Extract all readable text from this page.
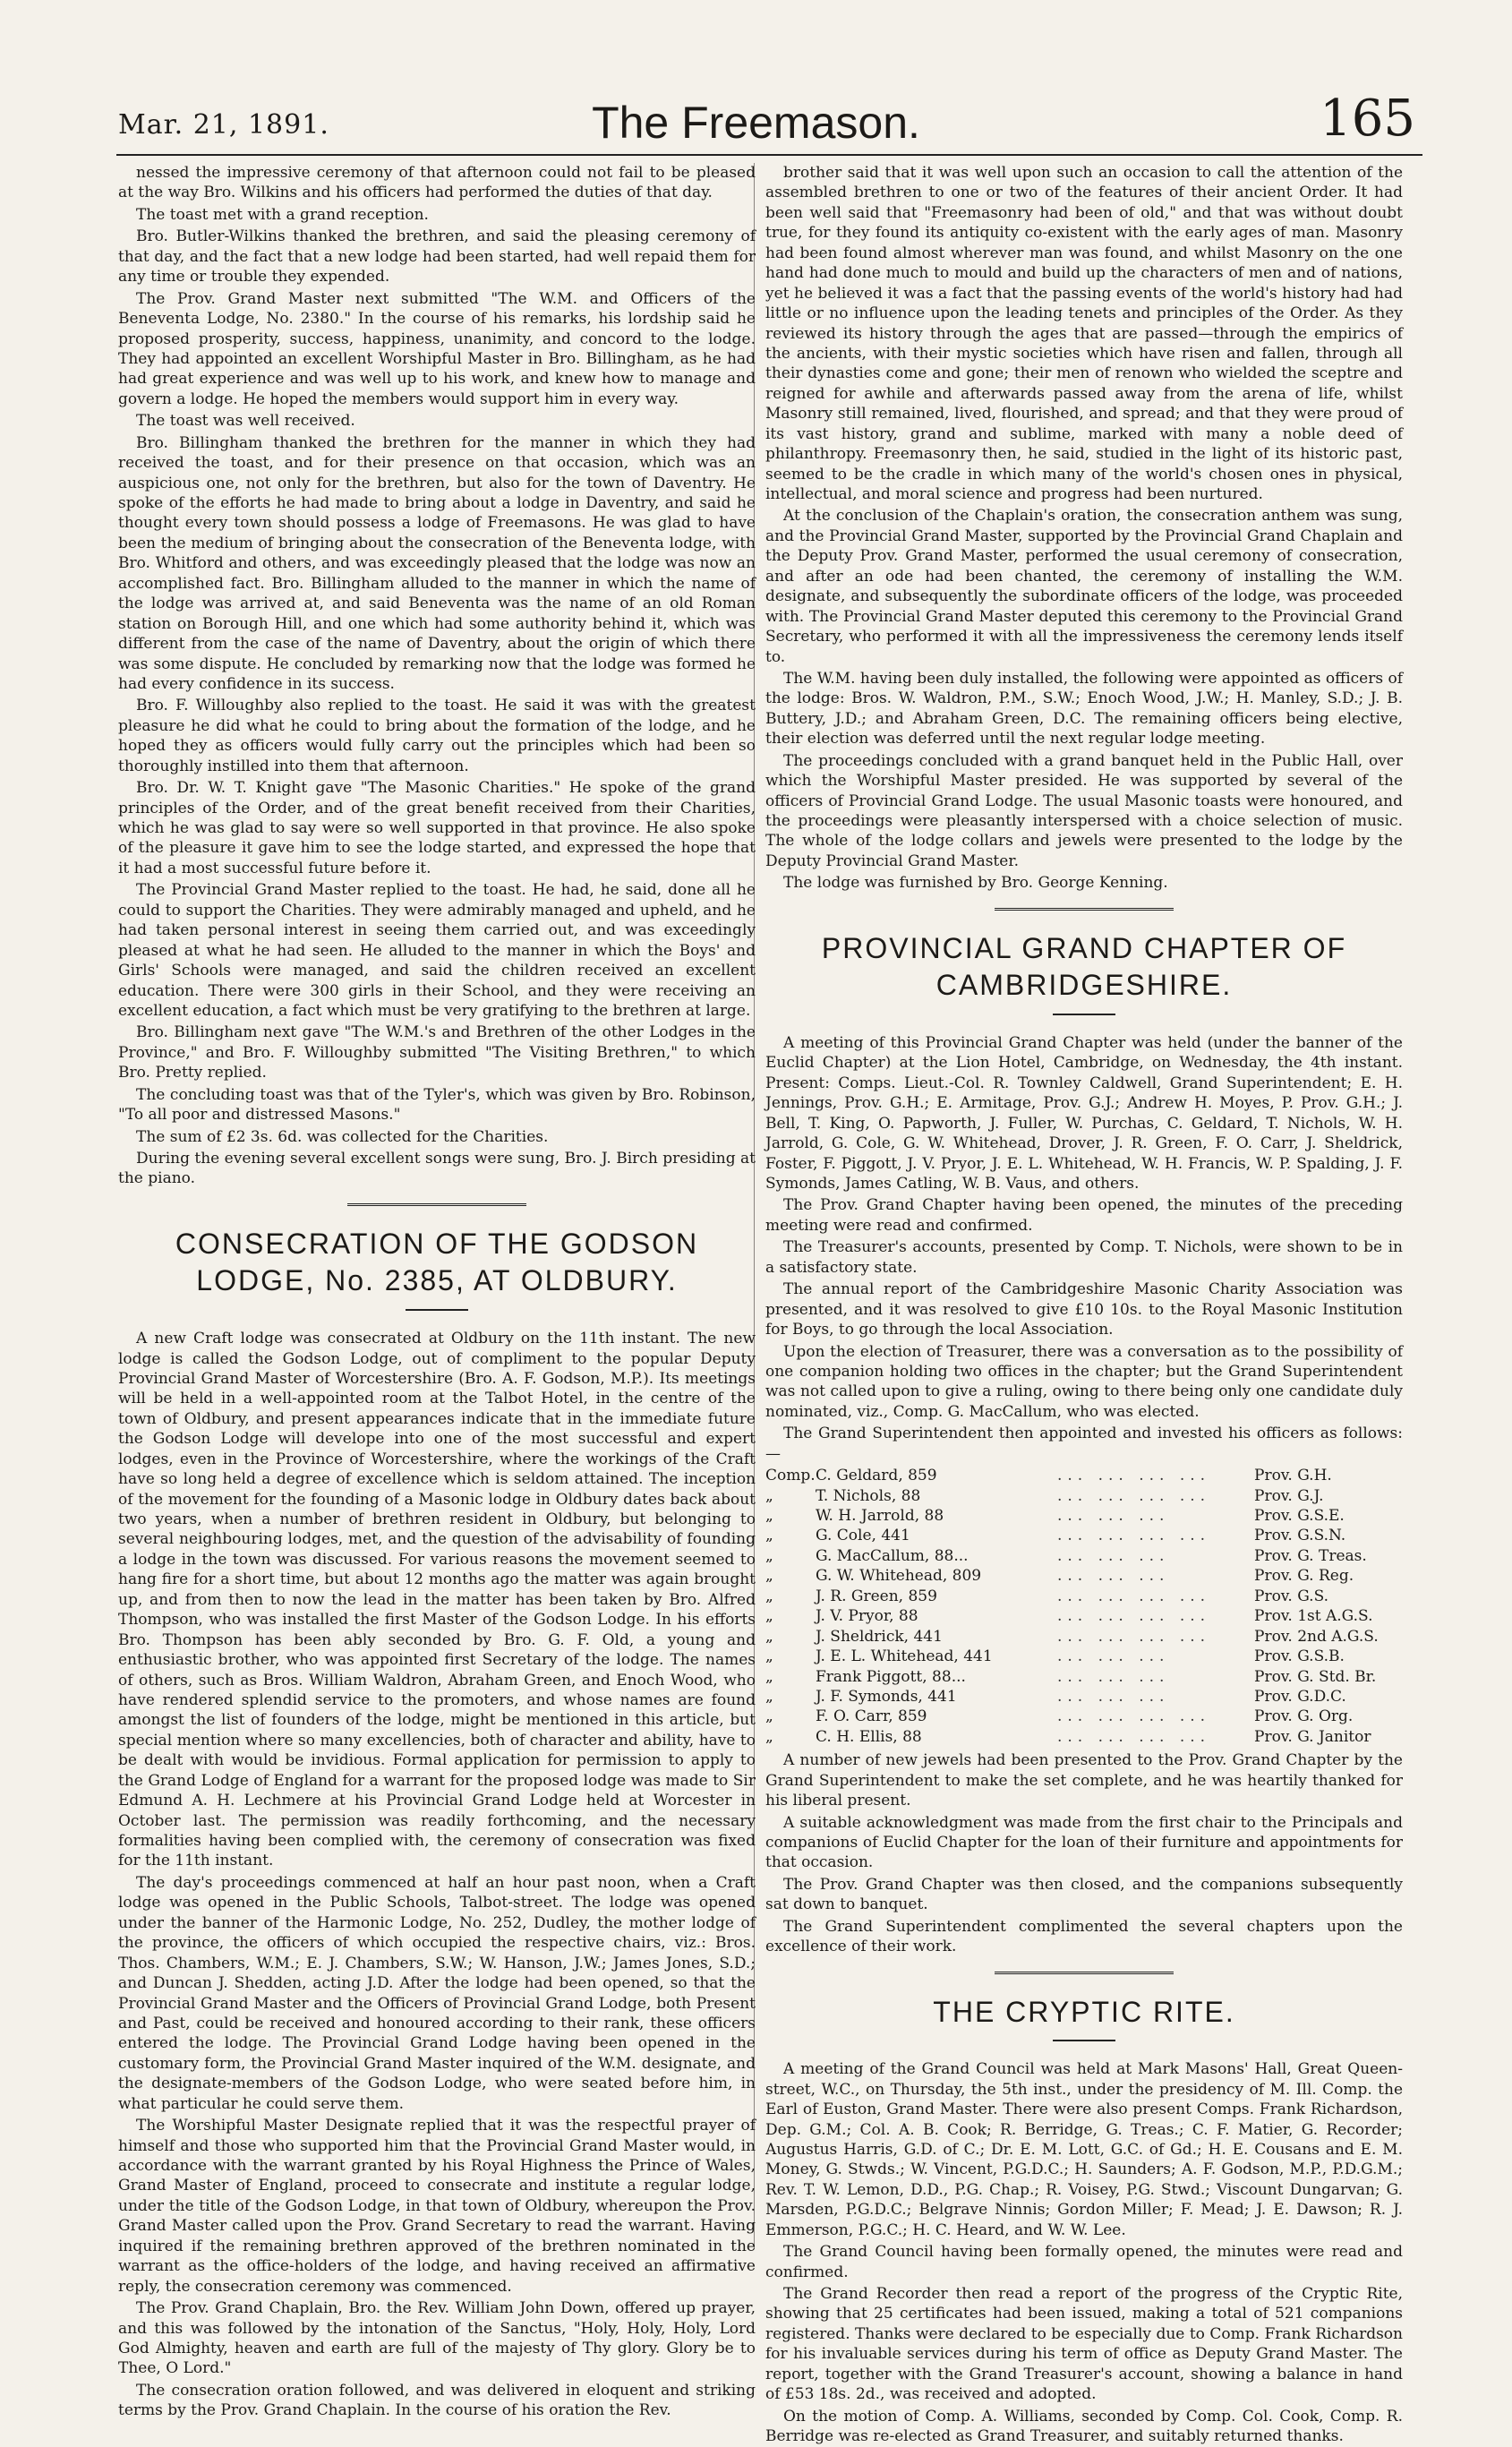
Mar. 21, 1891.	The Freemason.	165

nessed the impressive ceremony of that afternoon could not fail to be pleased at the way Bro. Wilkins and his officers had performed the duties of that day.

The toast met with a grand reception.

Bro. Butler-Wilkins thanked the brethren, and said the pleasing ceremony of that day, and the fact that a new lodge had been started, had well repaid them for any time or trouble they expended.

The Prov. Grand Master next submitted "The W.M. and Officers of the Beneventa Lodge, No. 2380." In the course of his remarks, his lordship said he proposed prosperity, success, happiness, unanimity, and concord to the lodge. They had appointed an excellent Worshipful Master in Bro. Billingham, as he had had great experience and was well up to his work, and knew how to manage and govern a lodge. He hoped the members would support him in every way.

The toast was well received.

Bro. Billingham thanked the brethren for the manner in which they had received the toast, and for their presence on that occasion, which was an auspicious one, not only for the brethren, but also for the town of Daventry. He spoke of the efforts he had made to bring about a lodge in Daventry, and said he thought every town should possess a lodge of Freemasons. He was glad to have been the medium of bringing about the consecration of the Beneventa lodge, with Bro. Whitford and others, and was exceedingly pleased that the lodge was now an accomplished fact. Bro. Billingham alluded to the manner in which the name of the lodge was arrived at, and said Beneventa was the name of an old Roman station on Borough Hill, and one which had some authority behind it, which was different from the case of the name of Daventry, about the origin of which there was some dispute. He concluded by remarking now that the lodge was formed he had every confidence in its success.

Bro. F. Willoughby also replied to the toast. He said it was with the greatest pleasure he did what he could to bring about the formation of the lodge, and he hoped they as officers would fully carry out the principles which had been so thoroughly instilled into them that afternoon.

Bro. Dr. W. T. Knight gave "The Masonic Charities." He spoke of the grand principles of the Order, and of the great benefit received from their Charities, which he was glad to say were so well supported in that province. He also spoke of the pleasure it gave him to see the lodge started, and expressed the hope that it had a most successful future before it.

The Provincial Grand Master replied to the toast. He had, he said, done all he could to support the Charities. They were admirably managed and upheld, and he had taken personal interest in seeing them carried out, and was exceedingly pleased at what he had seen. He alluded to the manner in which the Boys' and Girls' Schools were managed, and said the children received an excellent education. There were 300 girls in their School, and they were receiving an excellent education, a fact which must be very gratifying to the brethren at large.

Bro. Billingham next gave "The W.M.'s and Brethren of the other Lodges in the Province," and Bro. F. Willoughby submitted "The Visiting Brethren," to which Bro. Pretty replied.

The concluding toast was that of the Tyler's, which was given by Bro. Robinson, "To all poor and distressed Masons."

The sum of £2 3s. 6d. was collected for the Charities.

During the evening several excellent songs were sung, Bro. J. Birch presiding at the piano.

CONSECRATION OF THE GODSON LODGE, No. 2385, AT OLDBURY.

A new Craft lodge was consecrated at Oldbury on the 11th instant. The new lodge is called the Godson Lodge, out of compliment to the popular Deputy Provincial Grand Master of Worcestershire (Bro. A. F. Godson, M.P.). Its meetings will be held in a well-appointed room at the Talbot Hotel, in the centre of the town of Oldbury, and present appearances indicate that in the immediate future the Godson Lodge will develope into one of the most successful and expert lodges, even in the Province of Worcestershire, where the workings of the Craft have so long held a degree of excellence which is seldom attained. The inception of the movement for the founding of a Masonic lodge in Oldbury dates back about two years, when a number of brethren resident in Oldbury, but belonging to several neighbouring lodges, met, and the question of the advisability of founding a lodge in the town was discussed. For various reasons the movement seemed to hang fire for a short time, but about 12 months ago the matter was again brought up, and from then to now the lead in the matter has been taken by Bro. Alfred Thompson, who was installed the first Master of the Godson Lodge. In his efforts Bro. Thompson has been ably seconded by Bro. G. F. Old, a young and enthusiastic brother, who was appointed first Secretary of the lodge. The names of others, such as Bros. William Waldron, Abraham Green, and Enoch Wood, who have rendered splendid service to the promoters, and whose names are found amongst the list of founders of the lodge, might be mentioned in this article, but special mention where so many excellencies, both of character and ability, have to be dealt with would be invidious. Formal application for permission to apply to the Grand Lodge of England for a warrant for the proposed lodge was made to Sir Edmund A. H. Lechmere at his Provincial Grand Lodge held at Worcester in October last. The permission was readily forthcoming, and the necessary formalities having been complied with, the ceremony of consecration was fixed for the 11th instant.

The day's proceedings commenced at half an hour past noon, when a Craft lodge was opened in the Public Schools, Talbot-street. The lodge was opened under the banner of the Harmonic Lodge, No. 252, Dudley, the mother lodge of the province, the officers of which occupied the respective chairs, viz.: Bros. Thos. Chambers, W.M.; E. J. Chambers, S.W.; W. Hanson, J.W.; James Jones, S.D.; and Duncan J. Shedden, acting J.D. After the lodge had been opened, so that the Provincial Grand Master and the Officers of Provincial Grand Lodge, both Present and Past, could be received and honoured according to their rank, these officers entered the lodge. The Provincial Grand Lodge having been opened in the customary form, the Provincial Grand Master inquired of the W.M. designate, and the designate-members of the Godson Lodge, who were seated before him, in what particular he could serve them.

The Worshipful Master Designate replied that it was the respectful prayer of himself and those who supported him that the Provincial Grand Master would, in accordance with the warrant granted by his Royal Highness the Prince of Wales, Grand Master of England, proceed to consecrate and institute a regular lodge, under the title of the Godson Lodge, in that town of Oldbury, whereupon the Prov. Grand Master called upon the Prov. Grand Secretary to read the warrant. Having inquired if the remaining brethren approved of the brethren nominated in the warrant as the office-holders of the lodge, and having received an affirmative reply, the consecration ceremony was commenced.

The Prov. Grand Chaplain, Bro. the Rev. William John Down, offered up prayer, and this was followed by the intonation of the Sanctus, "Holy, Holy, Holy, Lord God Almighty, heaven and earth are full of the majesty of Thy glory. Glory be to Thee, O Lord."

The consecration oration followed, and was delivered in eloquent and striking terms by the Prov. Grand Chaplain. In the course of his oration the Rev.

brother said that it was well upon such an occasion to call the attention of the assembled brethren to one or two of the features of their ancient Order. It had been well said that "Freemasonry had been of old," and that was without doubt true, for they found its antiquity co-existent with the early ages of man. Masonry had been found almost wherever man was found, and whilst Masonry on the one hand had done much to mould and build up the characters of men and of nations, yet he believed it was a fact that the passing events of the world's history had had little or no influence upon the leading tenets and principles of the Order. As they reviewed its history through the ages that are passed—through the empirics of the ancients, with their mystic societies which have risen and fallen, through all their dynasties come and gone; their men of renown who wielded the sceptre and reigned for awhile and afterwards passed away from the arena of life, whilst Masonry still remained, lived, flourished, and spread; and that they were proud of its vast history, grand and sublime, marked with many a noble deed of philanthropy. Freemasonry then, he said, studied in the light of its historic past, seemed to be the cradle in which many of the world's chosen ones in physical, intellectual, and moral science and progress had been nurtured.

At the conclusion of the Chaplain's oration, the consecration anthem was sung, and the Provincial Grand Master, supported by the Provincial Grand Chaplain and the Deputy Prov. Grand Master, performed the usual ceremony of consecration, and after an ode had been chanted, the ceremony of installing the W.M. designate, and subsequently the subordinate officers of the lodge, was proceeded with. The Provincial Grand Master deputed this ceremony to the Provincial Grand Secretary, who performed it with all the impressiveness the ceremony lends itself to.

The W.M. having been duly installed, the following were appointed as officers of the lodge: Bros. W. Waldron, P.M., S.W.; Enoch Wood, J.W.; H. Manley, S.D.; J. B. Buttery, J.D.; and Abraham Green, D.C. The remaining officers being elective, their election was deferred until the next regular lodge meeting.

The proceedings concluded with a grand banquet held in the Public Hall, over which the Worshipful Master presided. He was supported by several of the officers of Provincial Grand Lodge. The usual Masonic toasts were honoured, and the proceedings were pleasantly interspersed with a choice selection of music. The whole of the lodge collars and jewels were presented to the lodge by the Deputy Provincial Grand Master.

The lodge was furnished by Bro. George Kenning.

PROVINCIAL GRAND CHAPTER OF CAMBRIDGESHIRE.

A meeting of this Provincial Grand Chapter was held (under the banner of the Euclid Chapter) at the Lion Hotel, Cambridge, on Wednesday, the 4th instant. Present: Comps. Lieut.-Col. R. Townley Caldwell, Grand Superintendent; E. H. Jennings, Prov. G.H.; E. Armitage, Prov. G.J.; Andrew H. Moyes, P. Prov. G.H.; J. Bell, T. King, O. Papworth, J. Fuller, W. Purchas, C. Geldard, T. Nichols, W. H. Jarrold, G. Cole, G. W. Whitehead, Drover, J. R. Green, F. O. Carr, J. Sheldrick, Foster, F. Piggott, J. V. Pryor, J. E. L. Whitehead, W. H. Francis, W. P. Spalding, J. F. Symonds, James Catling, W. B. Vaus, and others.

The Prov. Grand Chapter having been opened, the minutes of the preceding meeting were read and confirmed.

The Treasurer's accounts, presented by Comp. T. Nichols, were shown to be in a satisfactory state.

The annual report of the Cambridgeshire Masonic Charity Association was presented, and it was resolved to give £10 10s. to the Royal Masonic Institution for Boys, to go through the local Association.

Upon the election of Treasurer, there was a conversation as to the possibility of one companion holding two offices in the chapter; but the Grand Superintendent was not called upon to give a ruling, owing to there being only one candidate duly nominated, viz., Comp. G. MacCallum, who was elected.

The Grand Superintendent then appointed and invested his officers as follows:—

Comp.	C. Geldard, 859	... ... ... ...	Prov. G.H.
„	T. Nichols, 88	... ... ... ...	Prov. G.J.
„	W. H. Jarrold, 88	... ... ...	Prov. G.S.E.
„	G. Cole, 441	... ... ... ...	Prov. G.S.N.
„	G. MacCallum, 88...	... ... ...	Prov. G. Treas.
„	G. W. Whitehead, 809	... ... ...	Prov. G. Reg.
„	J. R. Green, 859	... ... ... ...	Prov. G.S.
„	J. V. Pryor, 88	... ... ... ...	Prov. 1st A.G.S.
„	J. Sheldrick, 441	... ... ... ...	Prov. 2nd A.G.S.
„	J. E. L. Whitehead, 441	... ... ...	Prov. G.S.B.
„	Frank Piggott, 88...	... ... ...	Prov. G. Std. Br.
„	J. F. Symonds, 441	... ... ...	Prov. G.D.C.
„	F. O. Carr, 859	... ... ... ...	Prov. G. Org.
„	C. H. Ellis, 88	... ... ... ...	Prov. G. Janitor

A number of new jewels had been presented to the Prov. Grand Chapter by the Grand Superintendent to make the set complete, and he was heartily thanked for his liberal present.

A suitable acknowledgment was made from the first chair to the Principals and companions of Euclid Chapter for the loan of their furniture and appointments for that occasion.

The Prov. Grand Chapter was then closed, and the companions subsequently sat down to banquet.

The Grand Superintendent complimented the several chapters upon the excellence of their work.

THE CRYPTIC RITE.

A meeting of the Grand Council was held at Mark Masons' Hall, Great Queen-street, W.C., on Thursday, the 5th inst., under the presidency of M. Ill. Comp. the Earl of Euston, Grand Master. There were also present Comps. Frank Richardson, Dep. G.M.; Col. A. B. Cook; R. Berridge, G. Treas.; C. F. Matier, G. Recorder; Augustus Harris, G.D. of C.; Dr. E. M. Lott, G.C. of Gd.; H. E. Cousans and E. M. Money, G. Stwds.; W. Vincent, P.G.D.C.; H. Saunders; A. F. Godson, M.P., P.D.G.M.; Rev. T. W. Lemon, D.D., P.G. Chap.; R. Voisey, P.G. Stwd.; Viscount Dungarvan; G. Marsden, P.G.D.C.; Belgrave Ninnis; Gordon Miller; F. Mead; J. E. Dawson; R. J. Emmerson, P.G.C.; H. C. Heard, and W. W. Lee.

The Grand Council having been formally opened, the minutes were read and confirmed.

The Grand Recorder then read a report of the progress of the Cryptic Rite, showing that 25 certificates had been issued, making a total of 521 companions registered. Thanks were declared to be especially due to Comp. Frank Richardson for his invaluable services during his term of office as Deputy Grand Master. The report, together with the Grand Treasurer's account, showing a balance in hand of £53 18s. 2d., was received and adopted.

On the motion of Comp. A. Williams, seconded by Comp. Col. Cook, Comp. R. Berridge was re-elected as Grand Treasurer, and suitably returned thanks.
